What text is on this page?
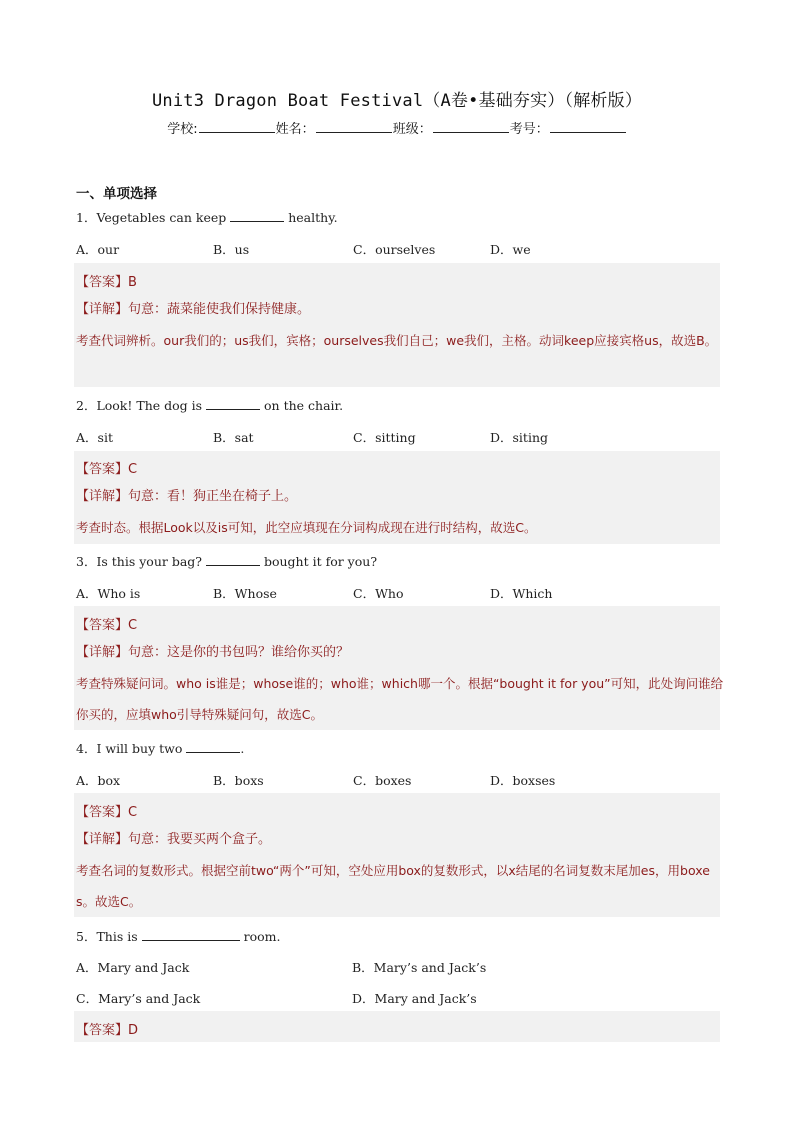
Unit3 Dragon Boat Festival（A卷•基础夯实）（解析版）
学校:	姓名：	班级：	考号：
一、单项选择
1．Vegetables can keep	healthy.
A．our	B．us	C．ourselves	D．we
【答案】B
【详解】句意：蔬菜能使我们保持健康。
考查代词辨析。our我们的；us我们，宾格；ourselves我们自己；we我们，主格。动词keep应接宾格us，故选B。
2．Look! The dog is	on the chair.
A．sit	B．sat	C．sitting	D．siting
【答案】C
【详解】句意：看！狗正坐在椅子上。
考查时态。根据Look以及is可知，此空应填现在分词构成现在进行时结构，故选C。
3．Is this your bag?	bought it for you?
A．Who is	B．Whose	C．Who	D．Which
【答案】C
【详解】句意：这是你的书包吗？谁给你买的？
考查特殊疑问词。who is谁是；whose谁的；who谁；which哪一个。根据“bought it for you”可知，此处询问谁给你买的，应填who引导特殊疑问句，故选C。
4．I will buy two	.
A．box	B．boxs	C．boxes	D．boxses
【答案】C
【详解】句意：我要买两个盒子。
考查名词的复数形式。根据空前two“两个”可知，空处应用box的复数形式，以x结尾的名词复数末尾加es，用boxes。故选C。
5．This is	room.
A．Mary and Jack	B．Mary’s and Jack’s
C．Mary’s and Jack	D．Mary and Jack’s
【答案】D
